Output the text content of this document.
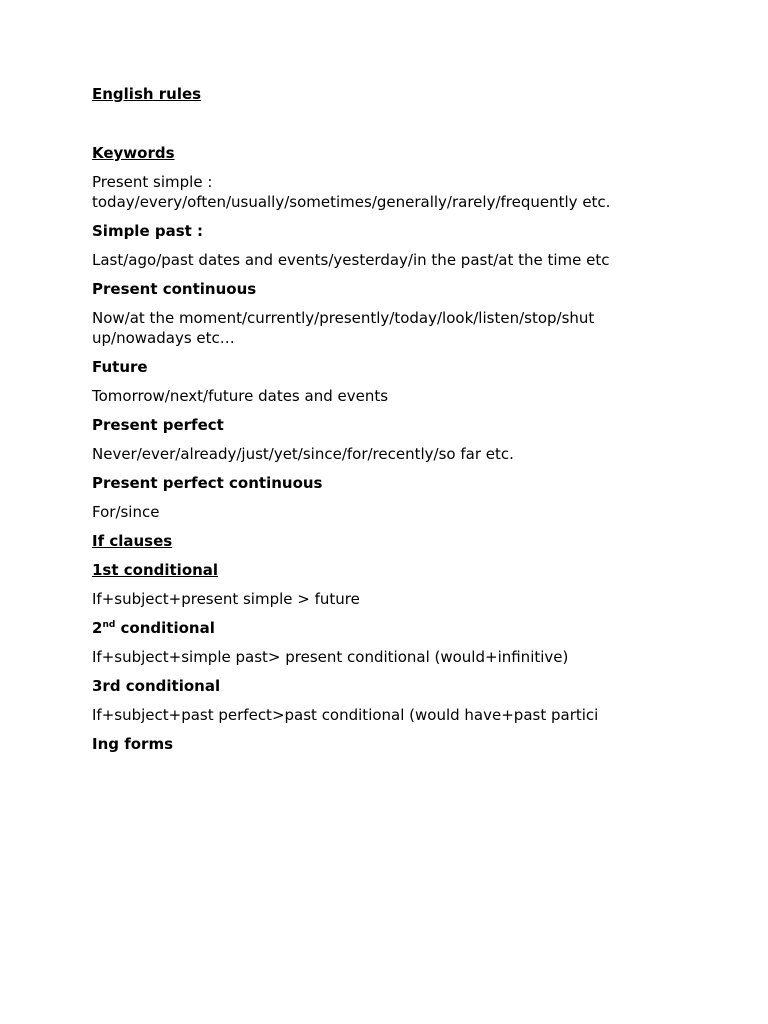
English rules
Keywords
Present simple : today/every/often/usually/sometimes/generally/rarely/frequently etc.
Simple past :
Last/ago/past dates and events/yesterday/in the past/at the time etc
Present continuous
Now/at the moment/currently/presently/today/look/listen/stop/shut up/nowadays etc…
Future
Tomorrow/next/future dates and events
Present perfect
Never/ever/already/just/yet/since/for/recently/so far etc.
Present perfect continuous
For/since
If clauses
1st conditional
If+subject+present simple > future
2nd conditional
If+subject+simple past> present conditional (would+infinitive)
3rd conditional
If+subject+past perfect>past conditional (would have+past partici
Ing forms
